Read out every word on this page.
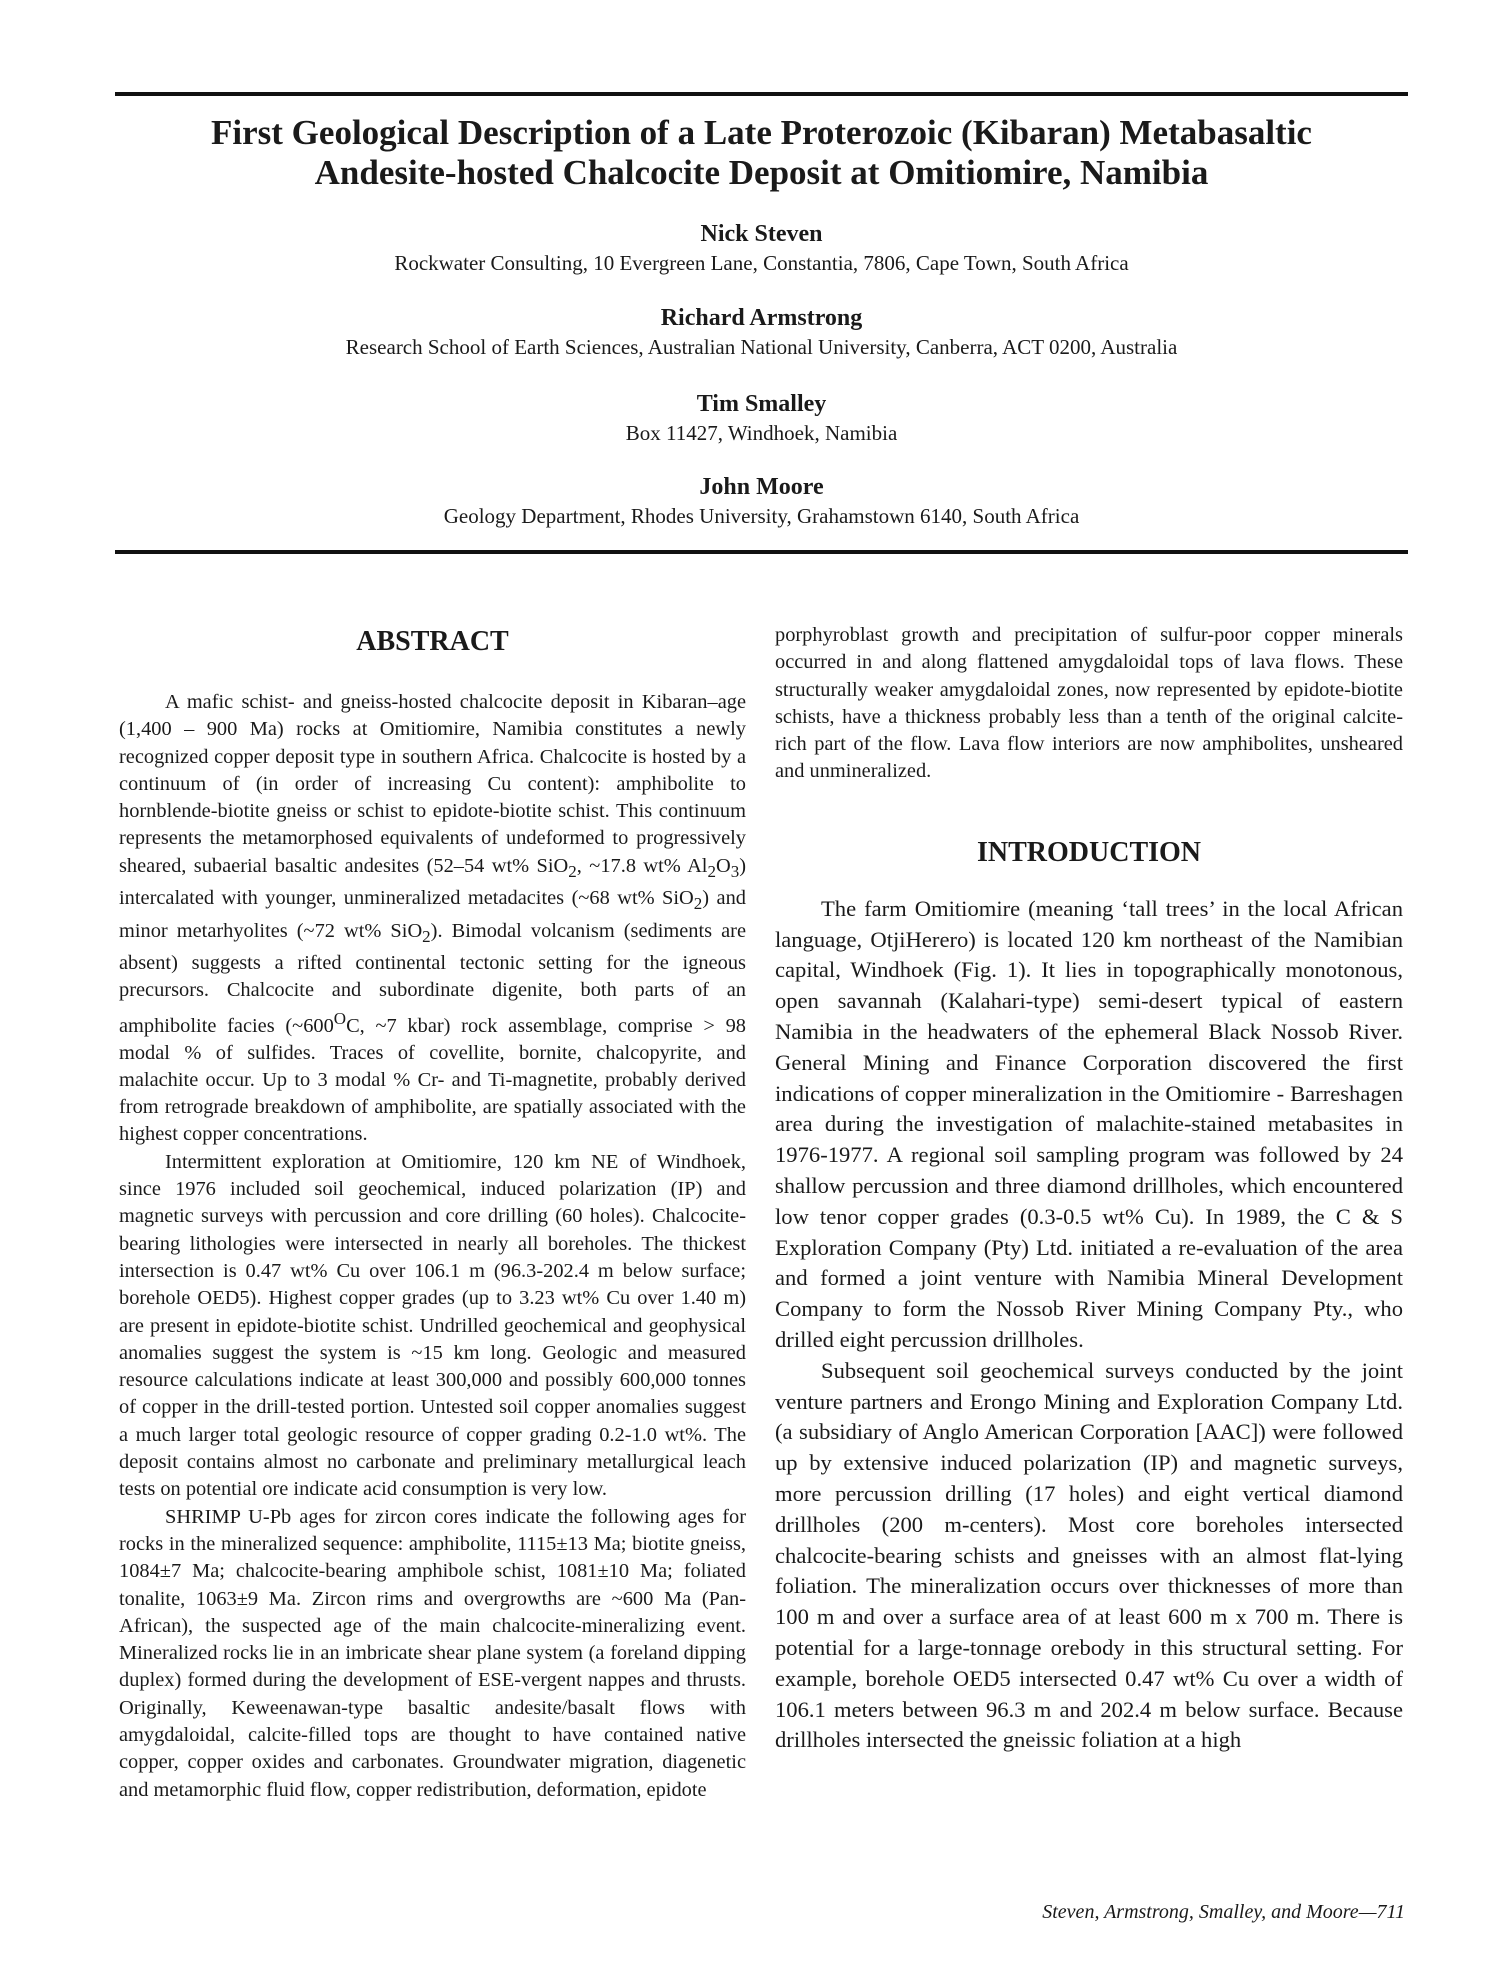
First Geological Description of a Late Proterozoic (Kibaran) Metabasaltic
Andesite-hosted Chalcocite Deposit at Omitiomire, Namibia
Nick Steven
Rockwater Consulting, 10 Evergreen Lane, Constantia, 7806, Cape Town, South Africa
Richard Armstrong
Research School of Earth Sciences, Australian National University, Canberra, ACT 0200, Australia
Tim Smalley
Box 11427, Windhoek, Namibia
John Moore
Geology Department, Rhodes University, Grahamstown 6140, South Africa
ABSTRACT

A mafic schist- and gneiss-hosted chalcocite deposit in Kibaran–age (1,400 – 900 Ma) rocks at Omitiomire, Namibia constitutes a newly recognized copper deposit type in southern Africa. Chalcocite is hosted by a continuum of (in order of increasing Cu content): amphibolite to hornblende-biotite gneiss or schist to epidote-biotite schist. This continuum represents the metamorphosed equivalents of undeformed to progressively sheared, subaerial basaltic andesites (52–54 wt% SiO$_2$, ~17.8 wt% $Al_2O_3$) intercalated with younger, unmineralized metadacites (~68 wt% SiO$_2$) and minor metarhyolites (~72 wt% SiO$_2$). Bimodal volcanism (sediments are absent) suggests a rifted continental tectonic setting for the igneous precursors. Chalcocite and subordinate digenite, both parts of an amphibolite facies ($\sim 600^OC$, ~7 kbar) rock assemblage, comprise > 98 modal % of sulfides. Traces of covellite, bornite, chalcopyrite, and malachite occur. Up to 3 modal % Cr- and Ti-magnetite, probably derived from retrograde breakdown of amphibolite, are spatially associated with the highest copper concentrations.

Intermittent exploration at Omitiomire, 120 km NE of Windhoek, since 1976 included soil geochemical, induced polarization (IP) and magnetic surveys with percussion and core drilling (60 holes). Chalcocite-bearing lithologies were intersected in nearly all boreholes. The thickest intersection is 0.47 wt% Cu over 106.1 m (96.3-202.4 m below surface; borehole OED5). Highest copper grades (up to 3.23 wt% Cu over 1.40 m) are present in epidote-biotite schist. Undrilled geochemical and geophysical anomalies suggest the system is ~15 km long. Geologic and measured resource calculations indicate at least 300,000 and possibly 600,000 tonnes of copper in the drill-tested portion. Untested soil copper anomalies suggest a much larger total geologic resource of copper grading 0.2-1.0 wt%. The deposit contains almost no carbonate and preliminary metallurgical leach tests on potential ore indicate acid consumption is very low.

SHRIMP U-Pb ages for zircon cores indicate the following ages for rocks in the mineralized sequence: amphibolite, 1115±13 Ma; biotite gneiss, 1084±7 Ma; chalcocite-bearing amphibole schist, 1081±10 Ma; foliated tonalite, 1063±9 Ma. Zircon rims and overgrowths are ~600 Ma (Pan-African), the suspected age of the main chalcocite-mineralizing event. Mineralized rocks lie in an imbricate shear plane system (a foreland dipping duplex) formed during the development of ESE-vergent nappes and thrusts. Originally, Keweenawan-type basaltic andesite/basalt flows with amygdaloidal, calcite-filled tops are thought to have contained native copper, copper oxides and carbonates. Groundwater migration, diagenetic and metamorphic fluid flow, copper redistribution, deformation, epidote

porphyroblast growth and precipitation of sulfur-poor copper minerals occurred in and along flattened amygdaloidal tops of lava flows. These structurally weaker amygdaloidal zones, now represented by epidote-biotite schists, have a thickness probably less than a tenth of the original calcite-rich part of the flow. Lava flow interiors are now amphibolites, unsheared and unmineralized.
INTRODUCTION

The farm Omitiomire (meaning ‘tall trees’ in the local African language, OtjiHerero) is located 120 km northeast of the Namibian capital, Windhoek (Fig. 1). It lies in topographically monotonous, open savannah (Kalahari-type) semi-desert typical of eastern Namibia in the headwaters of the ephemeral Black Nossob River. General Mining and Finance Corporation discovered the first indications of copper mineralization in the Omitiomire - Barreshagen area during the investigation of malachite-stained metabasites in 1976-1977. A regional soil sampling program was followed by 24 shallow percussion and three diamond drillholes, which encountered low tenor copper grades (0.3-0.5 wt% Cu). In 1989, the C & S Exploration Company (Pty) Ltd. initiated a re-evaluation of the area and formed a joint venture with Namibia Mineral Development Company to form the Nossob River Mining Company Pty., who drilled eight percussion drillholes.

Subsequent soil geochemical surveys conducted by the joint venture partners and Erongo Mining and Exploration Company Ltd. (a subsidiary of Anglo American Corporation [AAC]) were followed up by extensive induced polarization (IP) and magnetic surveys, more percussion drilling (17 holes) and eight vertical diamond drillholes (200 m-centers). Most core boreholes intersected chalcocite-bearing schists and gneisses with an almost flat-lying foliation. The mineralization occurs over thicknesses of more than 100 m and over a surface area of at least 600 m x 700 m. There is potential for a large-tonnage orebody in this structural setting. For example, borehole OED5 intersected 0.47 wt% Cu over a width of 106.1 meters between 96.3 m and 202.4 m below surface. Because drillholes intersected the gneissic foliation at a high

Steven, Armstrong, Smalley, and Moore—711
